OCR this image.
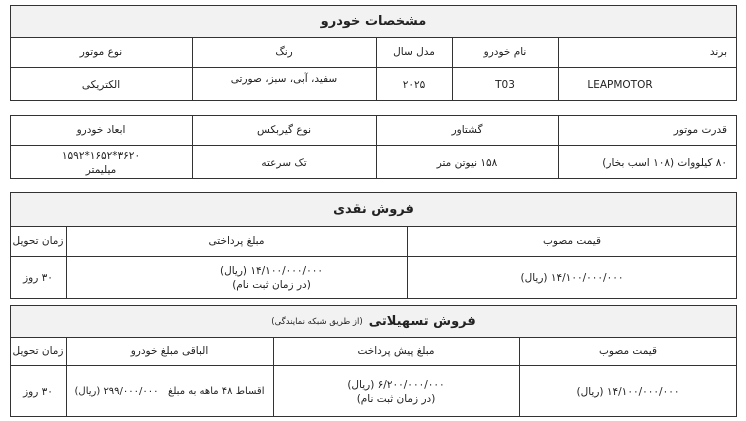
مشخصات خودرو
برند
نام خودرو
مدل سال
رنگ
نوع موتور
LEAPMOTOR
T03
۲۰۲۵
سفید، آبی، سبز، صورتی
الکتریکی
قدرت موتور
گشتاور
نوع گیربکس
ابعاد خودرو
۸۰ کیلووات (۱۰۸ اسب بخار)
۱۵۸ نیوتن متر
تک سرعته
۳۶۲۰*۱۶۵۲*۱۵۹۲
میلیمتر
فروش نقدی
قیمت مصوب
مبلغ پرداختی
زمان تحویل
۱۴/۱۰۰/۰۰۰/۰۰۰ (ریال)
۱۴/۱۰۰/۰۰۰/۰۰۰ (ریال)
(در زمان ثبت نام)
۳۰ روز
فروش تسهیلاتی
(از طریق شبکه نمایندگی)
قیمت مصوب
مبلغ پیش پرداخت
الباقی مبلغ خودرو
زمان تحویل
۱۴/۱۰۰/۰۰۰/۰۰۰ (ریال)
۶/۲۰۰/۰۰۰/۰۰۰ (ریال)
(در زمان ثبت نام)
اقساط ۴۸ ماهه به مبلغ   ۲۹۹/۰۰۰/۰۰۰ (ریال)
۳۰ روز
